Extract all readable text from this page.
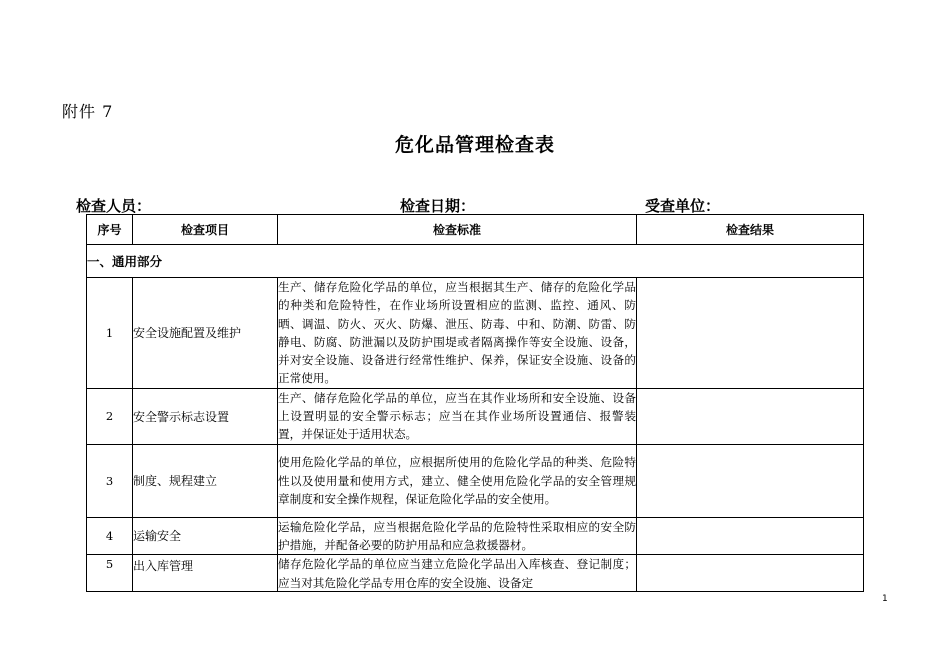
附件 7
危化品管理检查表
检查人员：	检查日期：	受查单位：
序号	检查项目	检查标准	检查结果
一、通用部分			
1	安全设施配置及维护	生产、储存危险化学品的单位，应当根据其生产、储存的危险化学品的种类和危险特性，在作业场所设置相应的监测、监控、通风、防晒、调温、防火、灭火、防爆、泄压、防毒、中和、防潮、防雷、防静电、防腐、防泄漏以及防护围堤或者隔离操作等安全设施、设备，并对安全设施、设备进行经常性维护、保养，保证安全设施、设备的正常使用。	
2	安全警示标志设置	生产、储存危险化学品的单位，应当在其作业场所和安全设施、设备上设置明显的安全警示标志；应当在其作业场所设置通信、报警装置，并保证处于适用状态。	
3	制度、规程建立	使用危险化学品的单位，应根据所使用的危险化学品的种类、危险特性以及使用量和使用方式，建立、健全使用危险化学品的安全管理规章制度和安全操作规程，保证危险化学品的安全使用。	
4	运输安全	运输危险化学品，应当根据危险化学品的危险特性采取相应的安全防护措施，并配备必要的防护用品和应急救援器材。	
5	出入库管理	储存危险化学品的单位应当建立危险化学品出入库核查、登记制度；应当对其危险化学品专用仓库的安全设施、设备定	

1
